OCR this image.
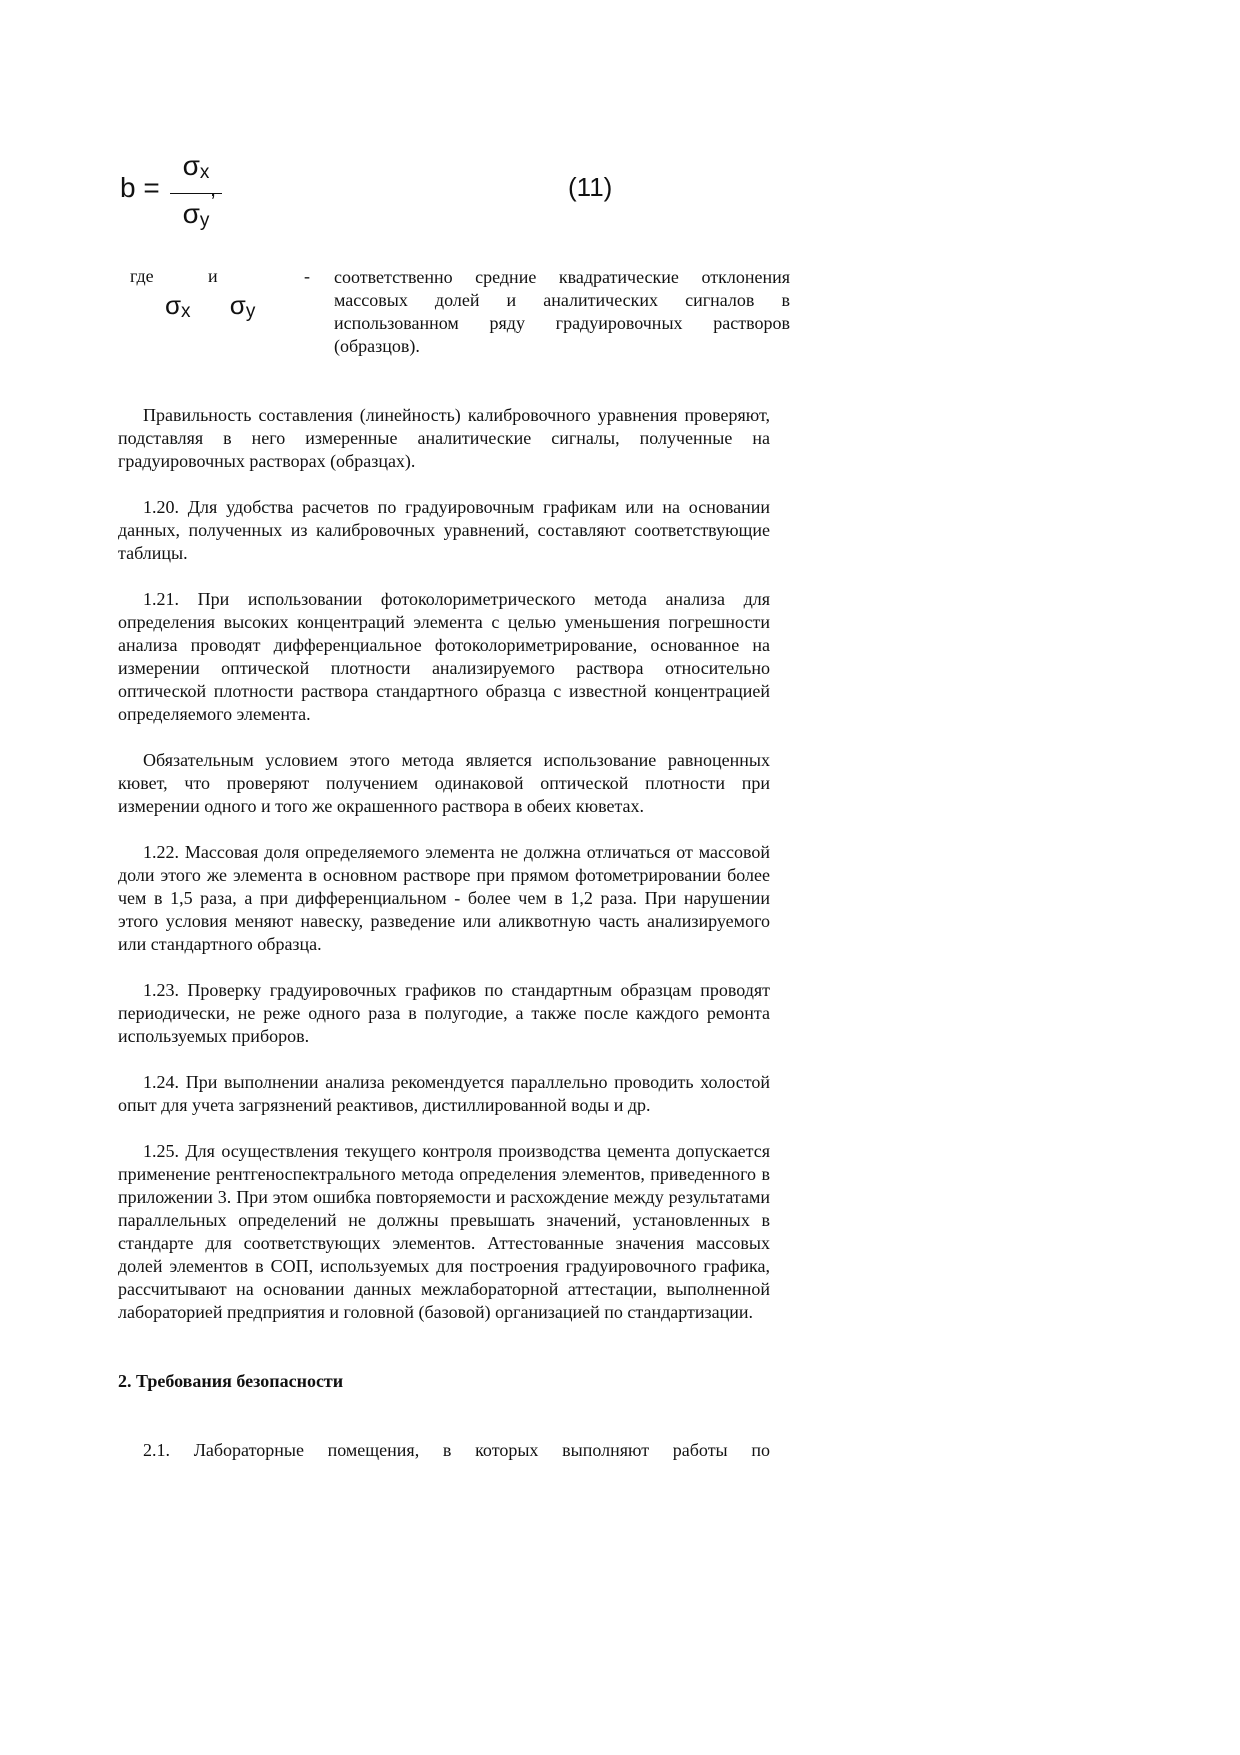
b =
$\sigma_x$
$\sigma_y$
,	(11)
где	и	-
$\sigma_x$ $\sigma_y$
соответственно средние квадратические отклонения массовых долей и аналитических сигналов в использованном ряду градуировочных растворов (образцов).

Правильность составления (линейность) калибровочного уравнения проверяют, подставляя в него измеренные аналитические сигналы, полученные на градуировочных растворах (образцах).

1.20. Для удобства расчетов по градуировочным графикам или на основании данных, полученных из калибровочных уравнений, составляют соответствующие таблицы.

1.21. При использовании фотоколориметрического метода анализа для определения высоких концентраций элемента с целью уменьшения погрешности анализа проводят дифференциальное фотоколориметрирование, основанное на измерении оптической плотности анализируемого раствора относительно оптической плотности раствора стандартного образца с известной концентрацией определяемого элемента.

Обязательным условием этого метода является использование равноценных кювет, что проверяют получением одинаковой оптической плотности при измерении одного и того же окрашенного раствора в обеих кюветах.

1.22. Массовая доля определяемого элемента не должна отличаться от массовой доли этого же элемента в основном растворе при прямом фотометрировании более чем в 1,5 раза, а при дифференциальном - более чем в 1,2 раза. При нарушении этого условия меняют навеску, разведение или аликвотную часть анализируемого или стандартного образца.

1.23. Проверку градуировочных графиков по стандартным образцам проводят периодически, не реже одного раза в полугодие, а также после каждого ремонта используемых приборов.

1.24. При выполнении анализа рекомендуется параллельно проводить холостой опыт для учета загрязнений реактивов, дистиллированной воды и др.

1.25. Для осуществления текущего контроля производства цемента допускается применение рентгеноспектрального метода определения элементов, приведенного в приложении 3. При этом ошибка повторяемости и расхождение между результатами параллельных определений не должны превышать значений, установленных в стандарте для соответствующих элементов. Аттестованные значения массовых долей элементов в СОП, используемых для построения градуировочного графика, рассчитывают на основании данных межлабораторной аттестации, выполненной лабораторией предприятия и головной (базовой) организацией по стандартизации.

2. Требования безопасности

2.1. Лабораторные помещения, в которых выполняют работы по
